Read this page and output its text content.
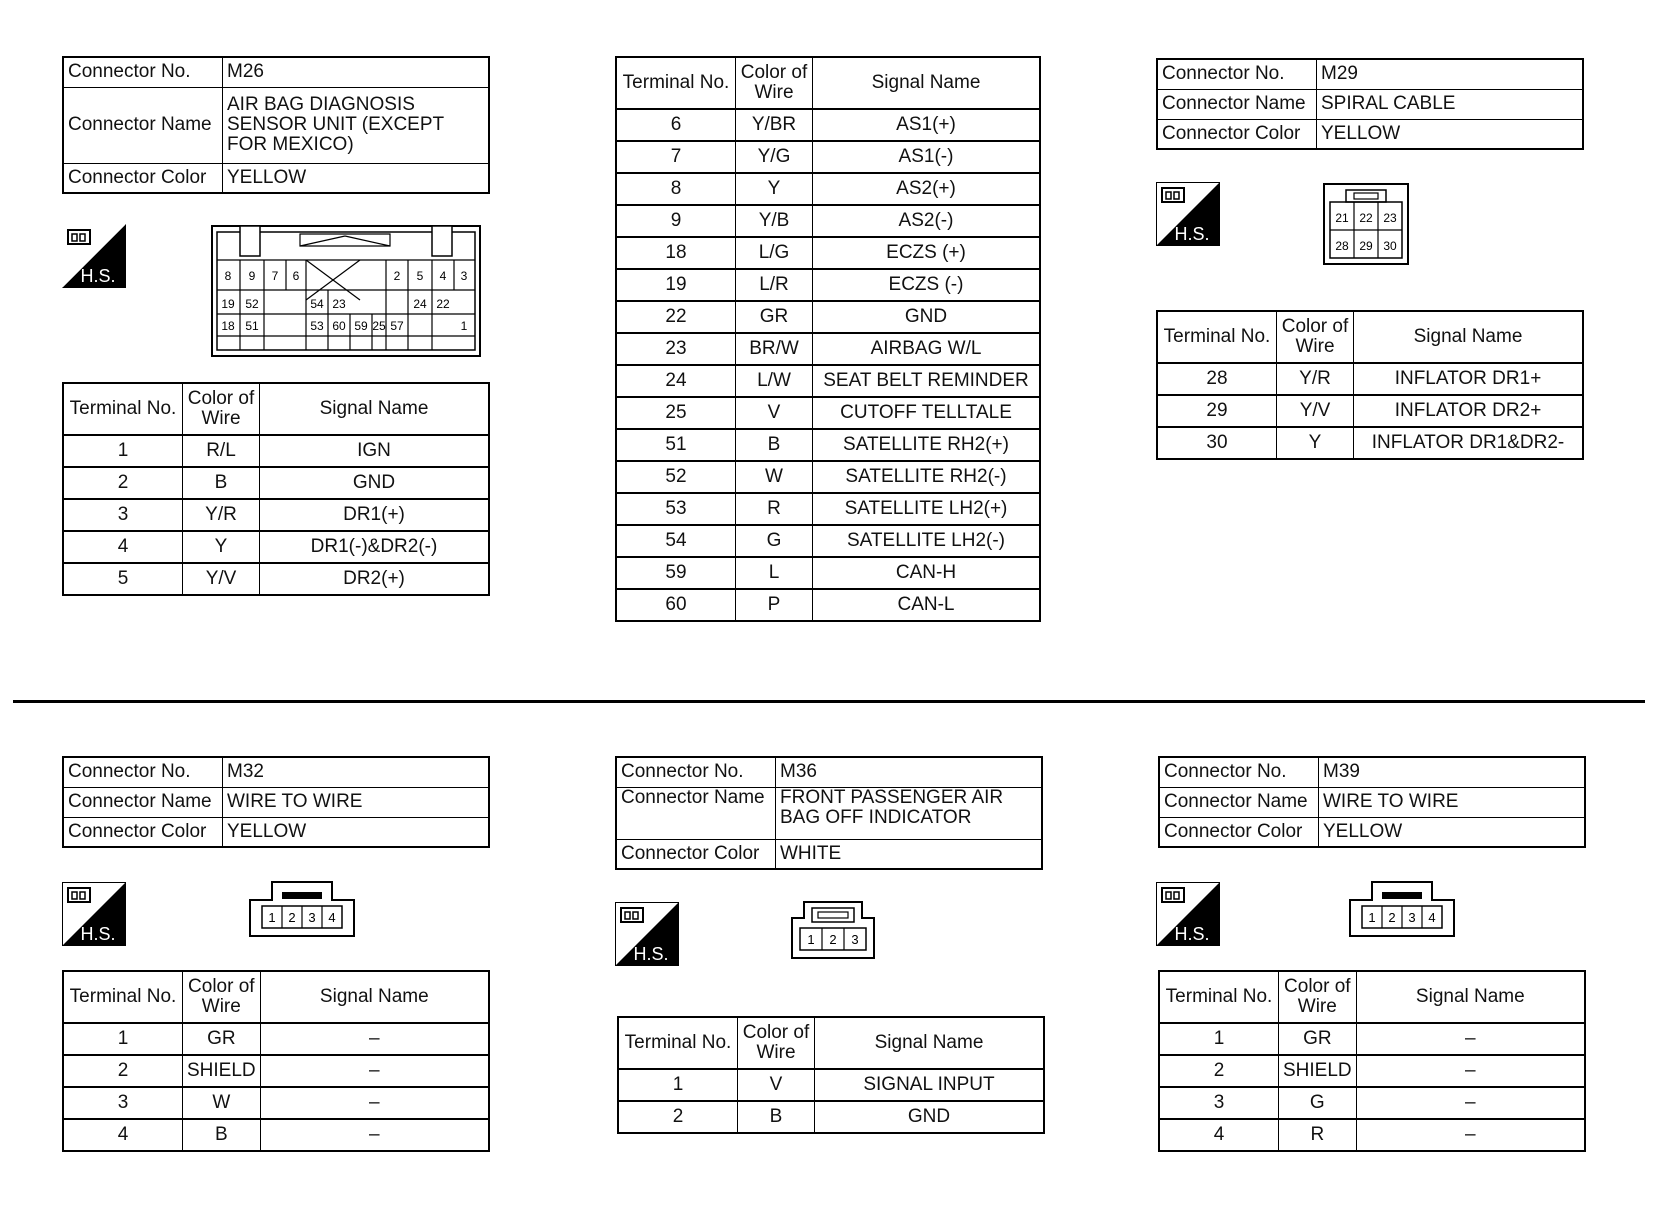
Connector No.	M26
Connector Name	AIR BAG DIAGNOSIS SENSOR UNIT (EXCEPT FOR MEXICO)
Connector Color	YELLOW
H.S.	8 9 7 6	2 5 4 3
19 52	54 23	24 22
18 51	53 60 59 25 57	1
Terminal No.	Color of Wire	Signal Name
1	R/L	IGN
2	B	GND
3	Y/R	DR1(+)
4	Y	DR1(-)&DR2(-)
5	Y/V	DR2(+)
Terminal No.	Color of Wire	Signal Name
6	Y/BR	AS1(+)
7	Y/G	AS1(-)
8	Y	AS2(+)
9	Y/B	AS2(-)
18	L/G	ECZS (+)
19	L/R	ECZS (-)
22	GR	GND
23	BR/W	AIRBAG W/L
24	L/W	SEAT BELT REMINDER
25	V	CUTOFF TELLTALE
51	B	SATELLITE RH2(+)
52	W	SATELLITE RH2(-)
53	R	SATELLITE LH2(+)
54	G	SATELLITE LH2(-)
59	L	CAN-H
60	P	CAN-L
Connector No.	M29
Connector Name	SPIRAL CABLE
Connector Color	YELLOW
H.S.
21 22 23
28 29 30
Terminal No.	Color of Wire	Signal Name
28	Y/R	INFLATOR DR1+
29	Y/V	INFLATOR DR2+
30	Y	INFLATOR DR1&DR2-
Connector No.	M32
Connector Name	WIRE TO WIRE
Connector Color	YELLOW
H.S.
1 2 3 4
Terminal No.	Color of Wire	Signal Name
1	GR	–
2	SHIELD	–
3	W	–
4	B	–
Connector No.	M36
Connector Name	FRONT PASSENGER AIR BAG OFF INDICATOR
Connector Color	WHITE
H.S.
1 2 3
Terminal No.	Color of Wire	Signal Name
1	V	SIGNAL INPUT
2	B	GND
Connector No.	M39
Connector Name	WIRE TO WIRE
Connector Color	YELLOW
H.S.
1 2 3 4
Terminal No.	Color of Wire	Signal Name
1	GR	–
2	SHIELD	–
3	G	–
4	R	–
